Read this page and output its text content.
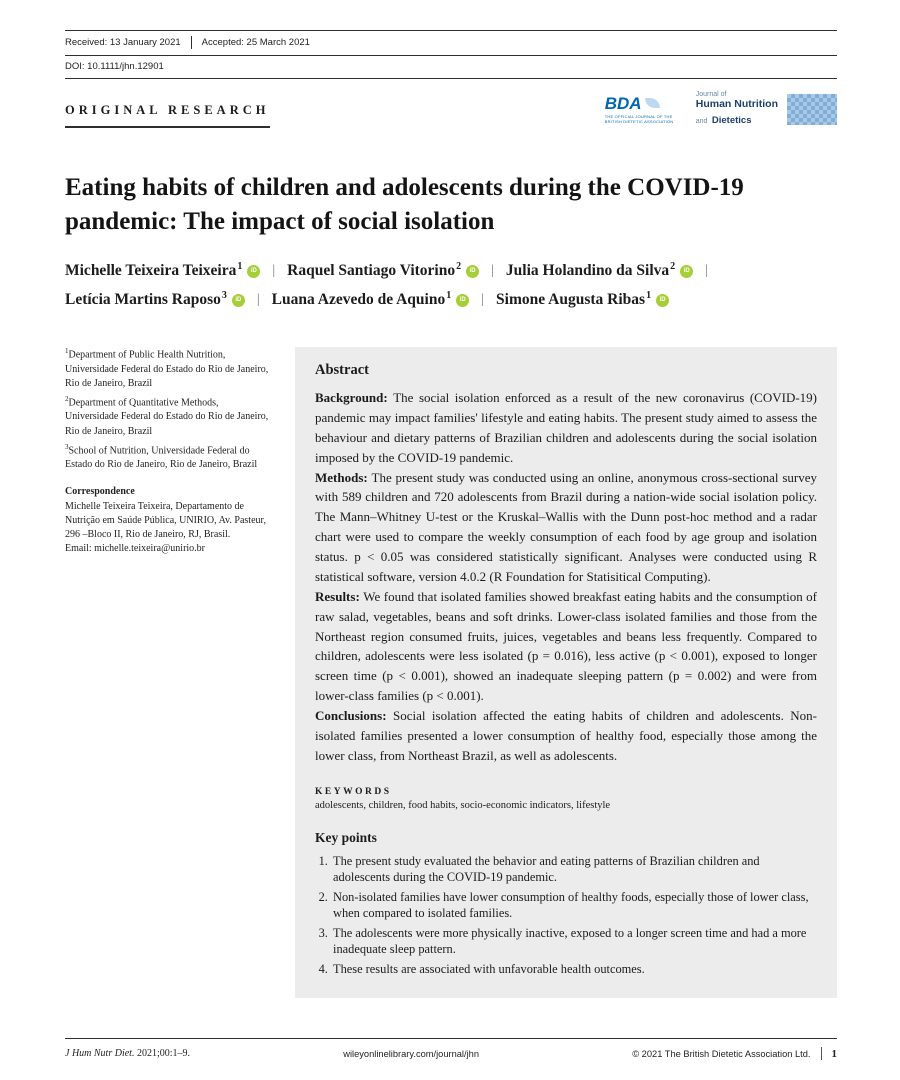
Received: 13 January 2021 Accepted: 25 March 2021
DOI: 10.1111/jhn.12901
ORIGINAL RESEARCH	BDA
THE OFFICIAL JOURNAL OF THE BRITISH DIETETIC ASSOCIATION
Journal of
Human Nutrition
and Dietetics
Eating habits of children and adolescents during the COVID-19 pandemic: The impact of social isolation
Michelle Teixeira Teixeira 1	iD | Raquel Santiago Vitorino 2	iD | Julia Holandino da Silva 2	iD |
Letícia Martins Raposo 3	iD | Luana Azevedo de Aquino 1	iD | Simone Augusta Ribas 1	iD
$^1$Department of Public Health Nutrition, Universidade Federal do Estado do Rio de Janeiro, Rio de Janeiro, Brazil
$^2$Department of Quantitative Methods, Universidade Federal do Estado do Rio de Janeiro, Rio de Janeiro, Brazil
$^3$School of Nutrition, Universidade Federal do Estado do Rio de Janeiro, Rio de Janeiro, Brazil
Correspondence
Michelle Teixeira Teixeira, Departamento de Nutrição em Saúde Pública, UNIRIO, Av. Pasteur, 296 –Bloco II, Rio de Janeiro, RJ, Brasil.
Email: michelle.teixeira@unirio.br
Abstract

Background: The social isolation enforced as a result of the new coronavirus (COVID-19) pandemic may impact families' lifestyle and eating habits. The present study aimed to assess the behaviour and dietary patterns of Brazilian children and adolescents during the social isolation imposed by the COVID-19 pandemic.

Methods: The present study was conducted using an online, anonymous cross-sectional survey with 589 children and 720 adolescents from Brazil during a nation-wide social isolation policy. The Mann–Whitney U-test or the Kruskal–Wallis with the Dunn post-hoc method and a radar chart were used to compare the weekly consumption of each food by age group and isolation status. p < 0.05 was considered statistically significant. Analyses were conducted using R statistical software, version 4.0.2 (R Foundation for Statisitical Computing).

Results: We found that isolated families showed breakfast eating habits and the consumption of raw salad, vegetables, beans and soft drinks. Lower-class isolated families and those from the Northeast region consumed fruits, juices, vegetables and beans less frequently. Compared to children, adolescents were less isolated (p = 0.016), less active (p < 0.001), exposed to longer screen time (p < 0.001), showed an inadequate sleeping pattern (p = 0.002) and were from lower-class families (p < 0.001).

Conclusions: Social isolation affected the eating habits of children and adolescents. Non-isolated families presented a lower consumption of healthy food, especially those among the lower class, from Northeast Brazil, as well as adolescents.

KEYWORDS
adolescents, children, food habits, socio-economic indicators, lifestyle
Key points
1. The present study evaluated the behavior and eating patterns of Brazilian children and adolescents during the COVID-19 pandemic.
2. Non-isolated families have lower consumption of healthy foods, especially those of lower class, when compared to isolated families.
3. The adolescents were more physically inactive, exposed to a longer screen time and had a more inadequate sleep pattern.
4. These results are associated with unfavorable health outcomes.
J Hum Nutr Diet. 2021;00:1–9.	wileyonlinelibrary.com/journal/jhn	© 2021 The British Dietetic Association Ltd. 1
